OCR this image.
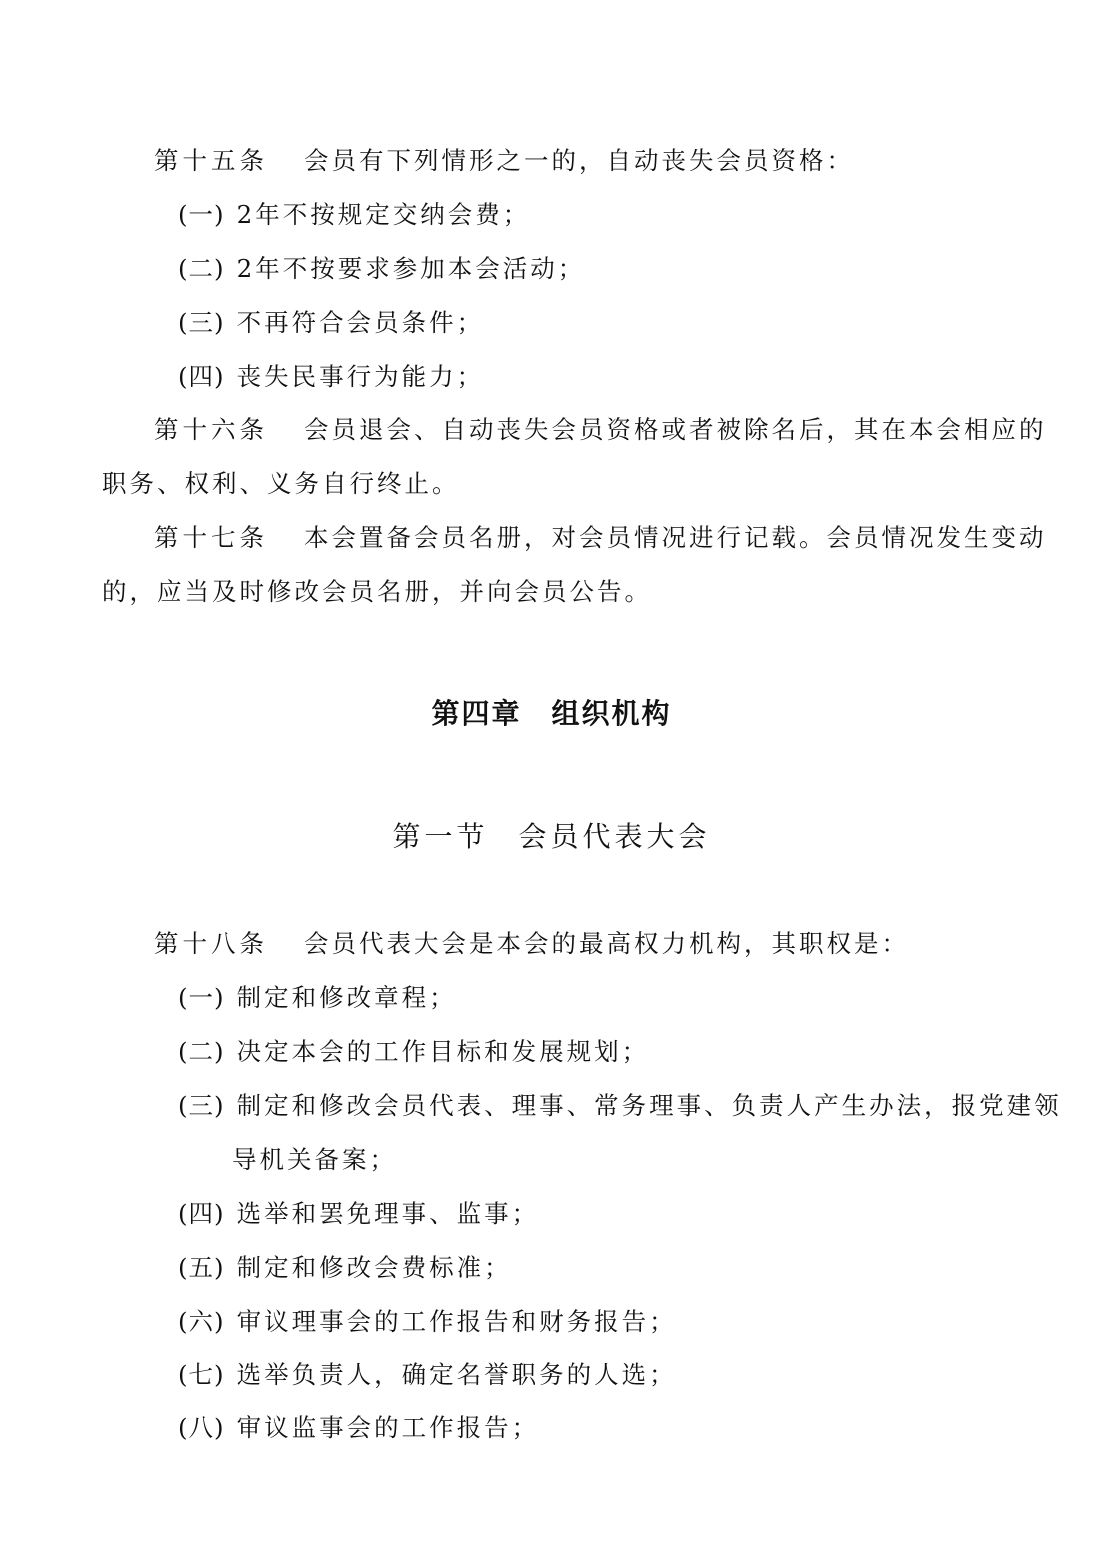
第十五条 会员有下列情形之一的，自动丧失会员资格：
(一) 2年不按规定交纳会费；
(二) 2年不按要求参加本会活动；
(三) 不再符合会员条件；
(四) 丧失民事行为能力；
第十六条 会员退会、自动丧失会员资格或者被除名后，其在本会相应的
职务、权利、义务自行终止。
第十七条 本会置备会员名册，对会员情况进行记载。会员情况发生变动
的，应当及时修改会员名册，并向会员公告。
第四章 组织机构
第一节 会员代表大会
第十八条 会员代表大会是本会的最高权力机构，其职权是：
(一) 制定和修改章程；
(二) 决定本会的工作目标和发展规划；
(三) 制定和修改会员代表、理事、常务理事、负责人产生办法，报党建领
导机关备案；
(四) 选举和罢免理事、监事；
(五) 制定和修改会费标准；
(六) 审议理事会的工作报告和财务报告；
(七) 选举负责人，确定名誉职务的人选；
(八) 审议监事会的工作报告；
